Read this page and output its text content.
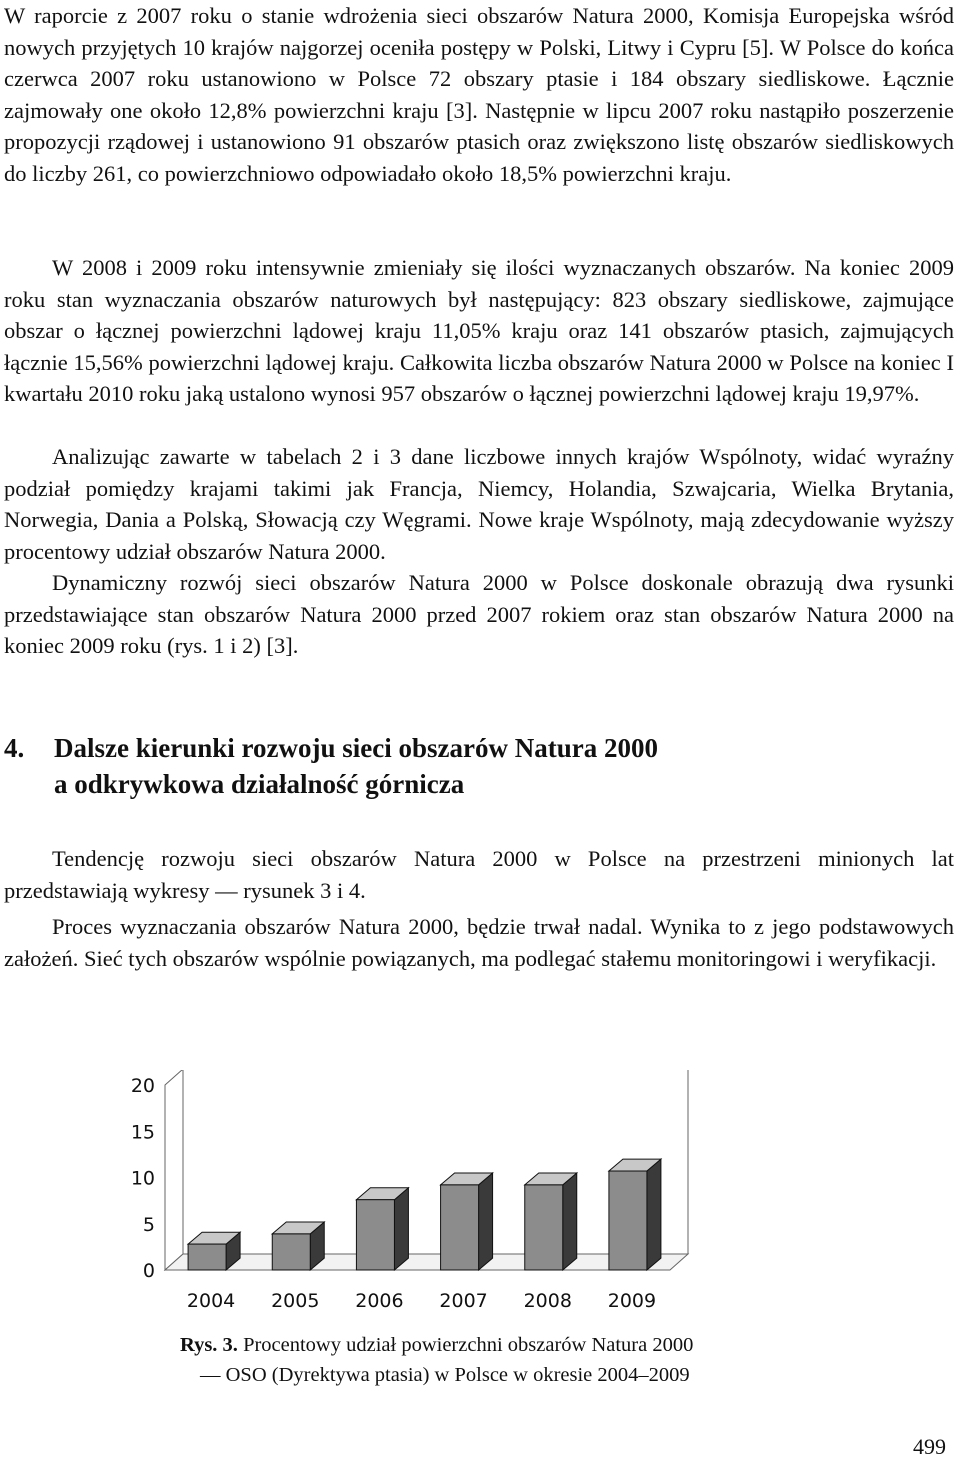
W raporcie z 2007 roku o stanie wdrożenia sieci obszarów Natura 2000, Komisja Europejska wśród nowych przyjętych 10 krajów najgorzej oceniła postępy w Polski, Litwy i Cypru [5]. W Polsce do końca czerwca 2007 roku ustanowiono w Polsce 72 obszary ptasie i 184 obszary siedliskowe. Łącznie zajmowały one około 12,8% powierzchni kraju [3]. Następnie w lipcu 2007 roku nastąpiło poszerzenie propozycji rządowej i ustanowiono 91 obszarów ptasich oraz zwiększono listę obszarów siedliskowych do liczby 261, co powierzchniowo odpowiadało około 18,5% powierzchni kraju.

W 2008 i 2009 roku intensywnie zmieniały się ilości wyznaczanych obszarów. Na koniec 2009 roku stan wyznaczania obszarów naturowych był następujący: 823 obszary siedliskowe, zajmujące obszar o łącznej powierzchni lądowej kraju 11,05% kraju oraz 141 obszarów ptasich, zajmujących łącznie 15,56% powierzchni lądowej kraju. Całkowita liczba obszarów Natura 2000 w Polsce na koniec I kwartału 2010 roku jaką ustalono wynosi 957 obszarów o łącznej powierzchni lądowej kraju 19,97%.

Analizując zawarte w tabelach 2 i 3 dane liczbowe innych krajów Wspólnoty, widać wyraźny podział pomiędzy krajami takimi jak Francja, Niemcy, Holandia, Szwajcaria, Wielka Brytania, Norwegia, Dania a Polską, Słowacją czy Węgrami. Nowe kraje Wspólnoty, mają zdecydowanie wyższy procentowy udział obszarów Natura 2000.

Dynamiczny rozwój sieci obszarów Natura 2000 w Polsce doskonale obrazują dwa rysunki przedstawiające stan obszarów Natura 2000 przed 2007 rokiem oraz stan obszarów Natura 2000 na koniec 2009 roku (rys. 1 i 2) [3].

4. Dalsze kierunki rozwoju sieci obszarów Natura 2000
a odkrywkowa działalność górnicza

Tendencję rozwoju sieci obszarów Natura 2000 w Polsce na przestrzeni minionych lat przedstawiają wykresy — rysunek 3 i 4.

Proces wyznaczania obszarów Natura 2000, będzie trwał nadal. Wynika to z jego podstawowych założeń. Sieć tych obszarów wspólnie powiązanych, ma podlegać stałemu monitoringowi i weryfikacji.

0
5
10
15
20
2004 2005 2006 2007 2008 2009
Rys. 3. Procentowy udział powierzchni obszarów Natura 2000
— OSO (Dyrektywa ptasia) w Polsce w okresie 2004–2009
499
